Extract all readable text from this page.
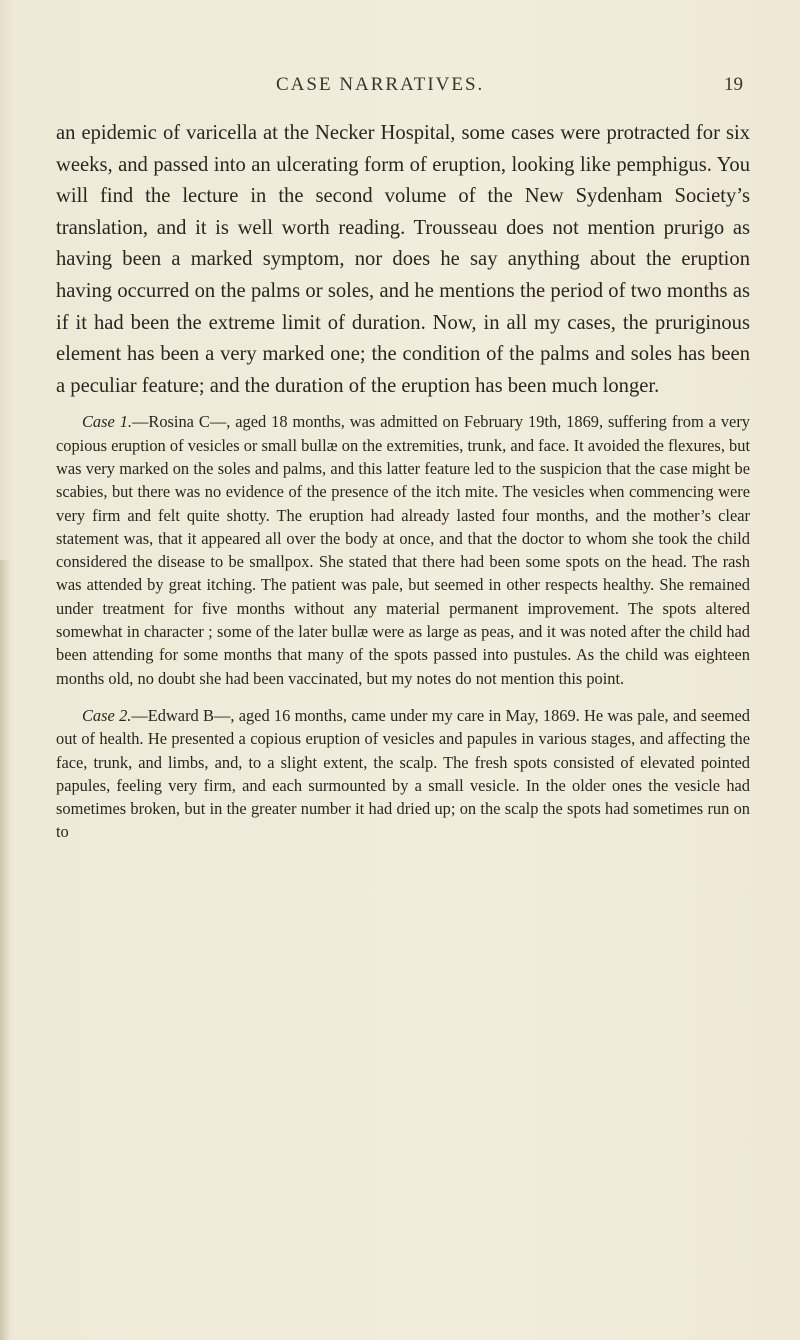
CASE NARRATIVES.	19

an epidemic of varicella at the Necker Hospital, some cases were protracted for six weeks, and passed into an ulcerating form of eruption, looking like pemphigus. You will find the lecture in the second volume of the New Sydenham Society’s translation, and it is well worth reading. Trousseau does not mention prurigo as having been a marked symptom, nor does he say anything about the eruption having occurred on the palms or soles, and he mentions the period of two months as if it had been the extreme limit of duration. Now, in all my cases, the pruriginous element has been a very marked one; the condition of the palms and soles has been a peculiar feature; and the duration of the eruption has been much longer.

Case 1.—Rosina C—, aged 18 months, was admitted on February 19th, 1869, suffering from a very copious eruption of vesicles or small bullæ on the extremities, trunk, and face. It avoided the flexures, but was very marked on the soles and palms, and this latter feature led to the suspicion that the case might be scabies, but there was no evidence of the presence of the itch mite. The vesicles when commencing were very firm and felt quite shotty. The eruption had already lasted four months, and the mother’s clear statement was, that it appeared all over the body at once, and that the doctor to whom she took the child considered the disease to be smallpox. She stated that there had been some spots on the head. The rash was attended by great itching. The patient was pale, but seemed in other respects healthy. She remained under treatment for five months without any material permanent improvement. The spots altered somewhat in character ; some of the later bullæ were as large as peas, and it was noted after the child had been attending for some months that many of the spots passed into pustules. As the child was eighteen months old, no doubt she had been vaccinated, but my notes do not mention this point.

Case 2.—Edward B—, aged 16 months, came under my care in May, 1869. He was pale, and seemed out of health. He presented a copious eruption of vesicles and papules in various stages, and affecting the face, trunk, and limbs, and, to a slight extent, the scalp. The fresh spots consisted of elevated pointed papules, feeling very firm, and each surmounted by a small vesicle. In the older ones the vesicle had sometimes broken, but in the greater number it had dried up; on the scalp the spots had sometimes run on to
